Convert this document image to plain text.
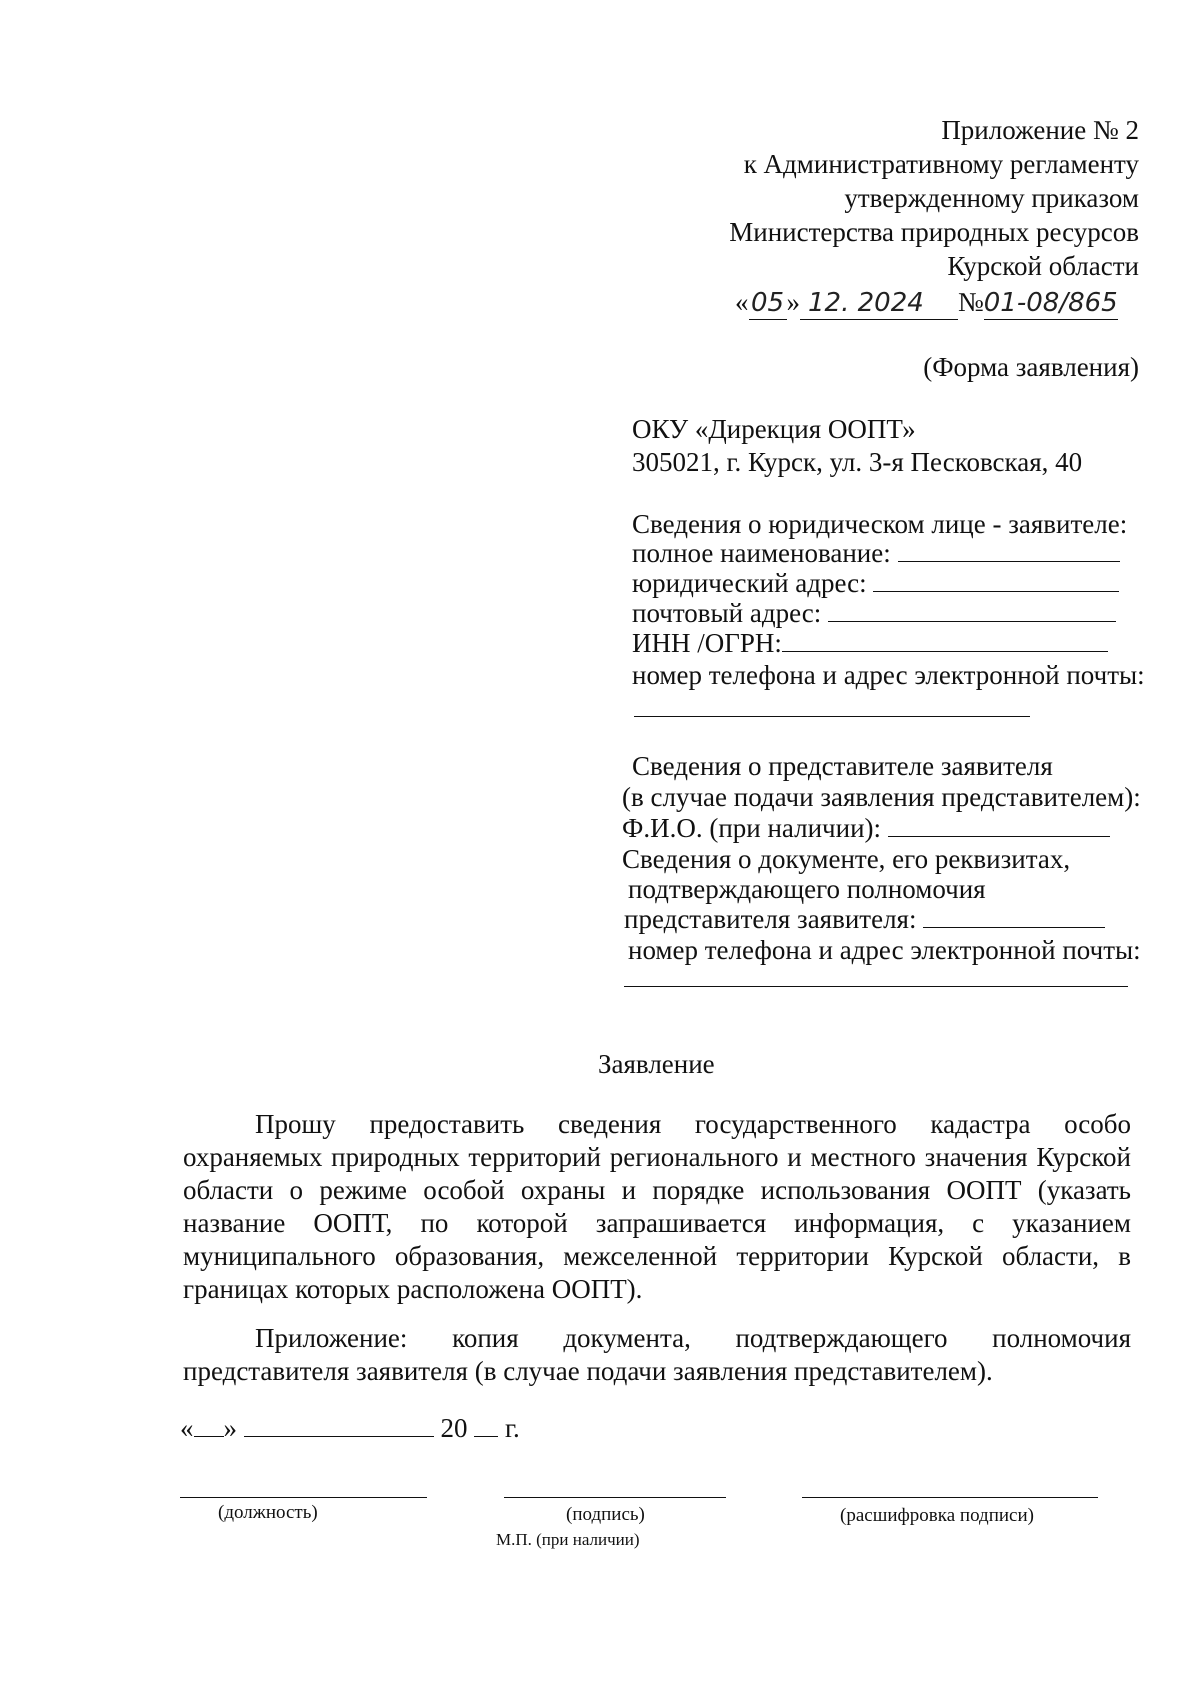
Приложение № 2
к Административному регламенту
утвержденному приказом
Министерства природных ресурсов
Курской области
«05» 12. 2024 №01-08/865
(Форма заявления)
ОКУ «Дирекция ООПТ»
305021, г. Курск, ул. 3-я Песковская, 40
Сведения о юридическом лице - заявителе:
полное наименование:
юридический адрес:
почтовый адрес:
ИНН /ОГРН:
номер телефона и адрес электронной почты:
Сведения о представителе заявителя
(в случае подачи заявления представителем):
Ф.И.О. (при наличии):
Сведения о документе, его реквизитах,
подтверждающего полномочия
представителя заявителя:
номер телефона и адрес электронной почты:
Заявление
Прошу предоставить сведения государственного кадастра особо охраняемых природных территорий регионального и местного значения Курской области о режиме особой охраны и порядке использования ООПТ (указать название ООПТ, по которой запрашивается информация, с указанием муниципального образования, межселенной территории Курской области, в границах которых расположена ООПТ).
Приложение: копия документа, подтверждающего полномочия представителя заявителя (в случае подачи заявления представителем).
« »	20 г.
(должность)	(подпись)	(расшифровка подписи)
М.П. (при наличии)
